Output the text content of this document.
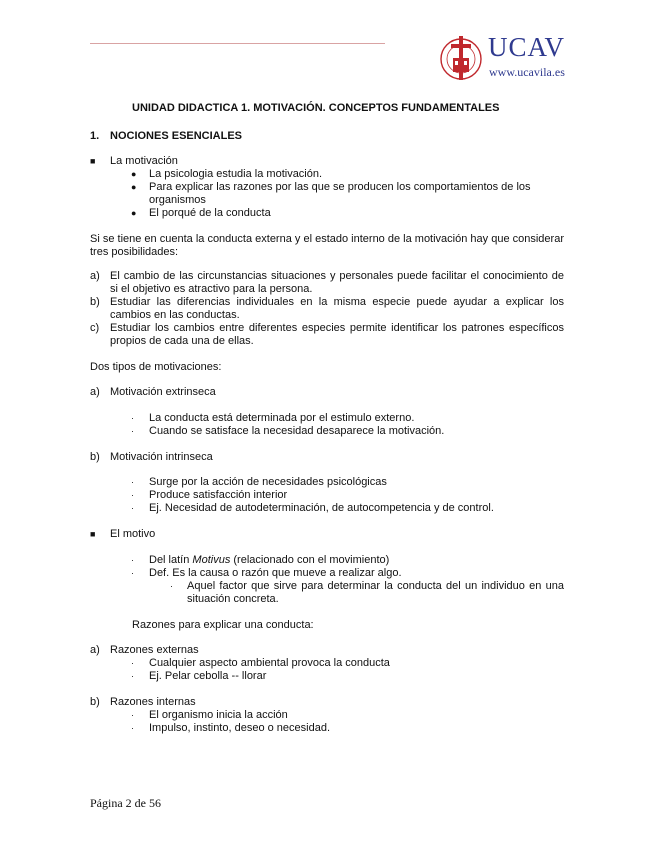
UCAV
www.ucavila.es
UNIDAD DIDACTICA 1. MOTIVACIÓN. CONCEPTOS FUNDAMENTALES
1. NOCIONES ESENCIALES
■ La motivación
● La psicologia estudia la motivación.
● Para explicar las razones por las que se producen los comportamientos de los
organismos
● El porqué de la conducta
Si se tiene en cuenta la conducta externa y el estado interno de la motivación hay que considerar tres posibilidades:
a) El cambio de las circunstancias situaciones y personales puede facilitar el conocimiento de si el objetivo es atractivo para la persona.
b) Estudiar las diferencias individuales en la misma especie puede ayudar a explicar los cambios en las conductas.
c) Estudiar los cambios entre diferentes especies permite identificar los patrones específicos propios de cada una de ellas.
Dos tipos de motivaciones:
a) Motivación extrinseca
· La conducta está determinada por el estimulo externo.
· Cuando se satisface la necesidad desaparece la motivación.
b) Motivación intrinseca
· Surge por la acción de necesidades psicológicas
· Produce satisfacción interior
· Ej. Necesidad de autodeterminación, de autocompetencia y de control.
■ El motivo
· Del latín Motivus (relacionado con el movimiento)
· Def. Es la causa o razón que mueve a realizar algo.
· Aquel factor que sirve para determinar la conducta del un individuo en una situación concreta.
Razones para explicar una conducta:
a) Razones externas
· Cualquier aspecto ambiental provoca la conducta
· Ej. Pelar cebolla -- llorar
b) Razones internas
· El organismo inicia la acción
· Impulso, instinto, deseo o necesidad.
Página 2 de 56
